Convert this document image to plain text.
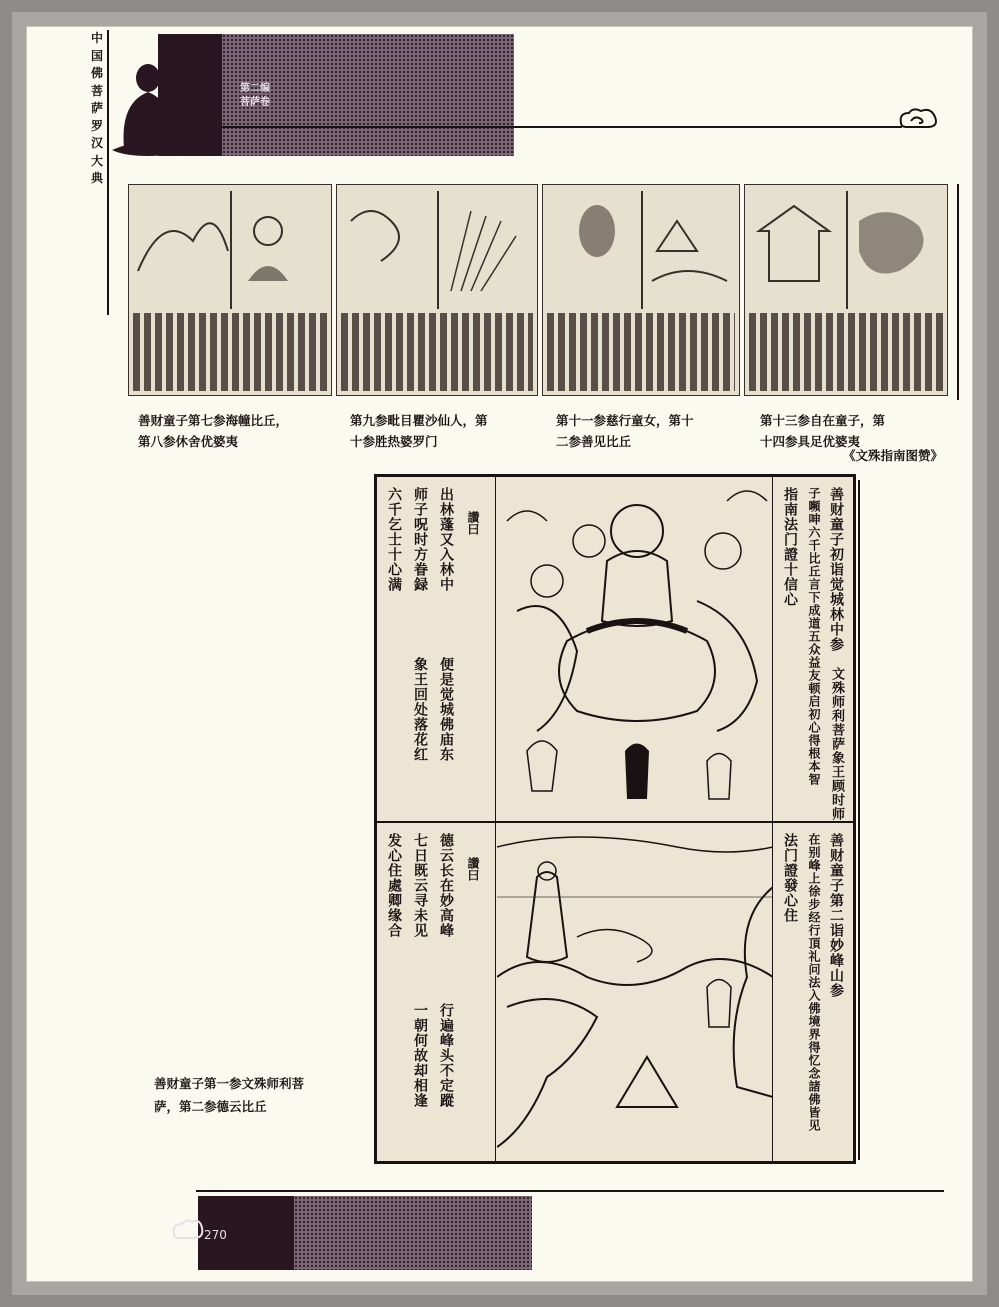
中国佛菩萨罗汉大典
第二编
菩萨卷
善财童子第七参海幢比丘，
第八参休舍优婆夷
第九参毗目瞿沙仙人，第
十参胜热婆罗门
第十一参慈行童女，第十
二参善见比丘
第十三参自在童子，第
十四参具足优婆夷
《文殊指南图赞》
善财童子初诣觉城林中参
文殊师利菩萨象王顾时师
子嚬呻六千比丘言下成道五众益友顿启初心得根本智
指南法门證十信心
讚曰
出林蓬又入林中
便是觉城佛庙东
师子呪时方眷録
象王回处落花红
六千乞士十心满
善财童子第二诣妙峰山参
在别峰上徐步经行頂礼问法入佛境界得忆念諸佛皆见
法门證發心住
讚曰
德云长在妙高峰
行遍峰头不定蹤
七日既云寻未见
一朝何故却相逢
发心住處卿缘合
善财童子第一参文殊师利菩
萨，第二参德云比丘
270
